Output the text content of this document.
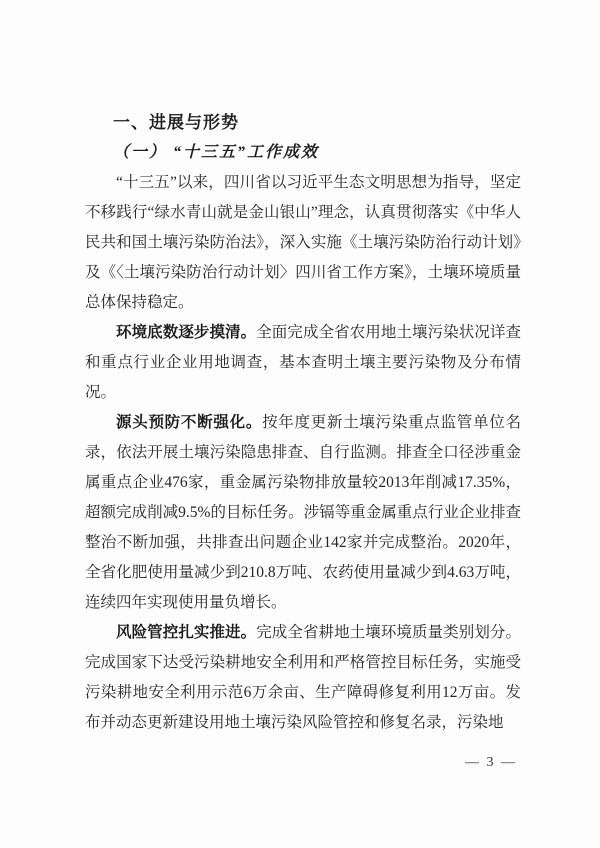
一、进展与形势
（一） “十三五”工作成效

“十三五”以来，四川省以习近平生态文明思想为指导，坚定不移践行“绿水青山就是金山银山”理念，认真贯彻落实《中华人民共和国土壤污染防治法》，深入实施《土壤污染防治行动计划》及《〈土壤污染防治行动计划〉四川省工作方案》，土壤环境质量总体保持稳定。

环境底数逐步摸清。全面完成全省农用地土壤污染状况详查和重点行业企业用地调查，基本查明土壤主要污染物及分布情况。

源头预防不断强化。按年度更新土壤污染重点监管单位名录，依法开展土壤污染隐患排查、自行监测。排查全口径涉重金属重点企业476家，重金属污染物排放量较2013年削减17.35%，超额完成削减9.5%的目标任务。涉镉等重金属重点行业企业排查整治不断加强，共排查出问题企业142家并完成整治。2020年，全省化肥使用量减少到210.8万吨、农药使用量减少到4.63万吨，连续四年实现使用量负增长。

风险管控扎实推进。完成全省耕地土壤环境质量类别划分。完成国家下达受污染耕地安全利用和严格管控目标任务，实施受污染耕地安全利用示范6万余亩、生产障碍修复利用12万亩。发布并动态更新建设用地土壤污染风险管控和修复名录，污染地

— 3 —
